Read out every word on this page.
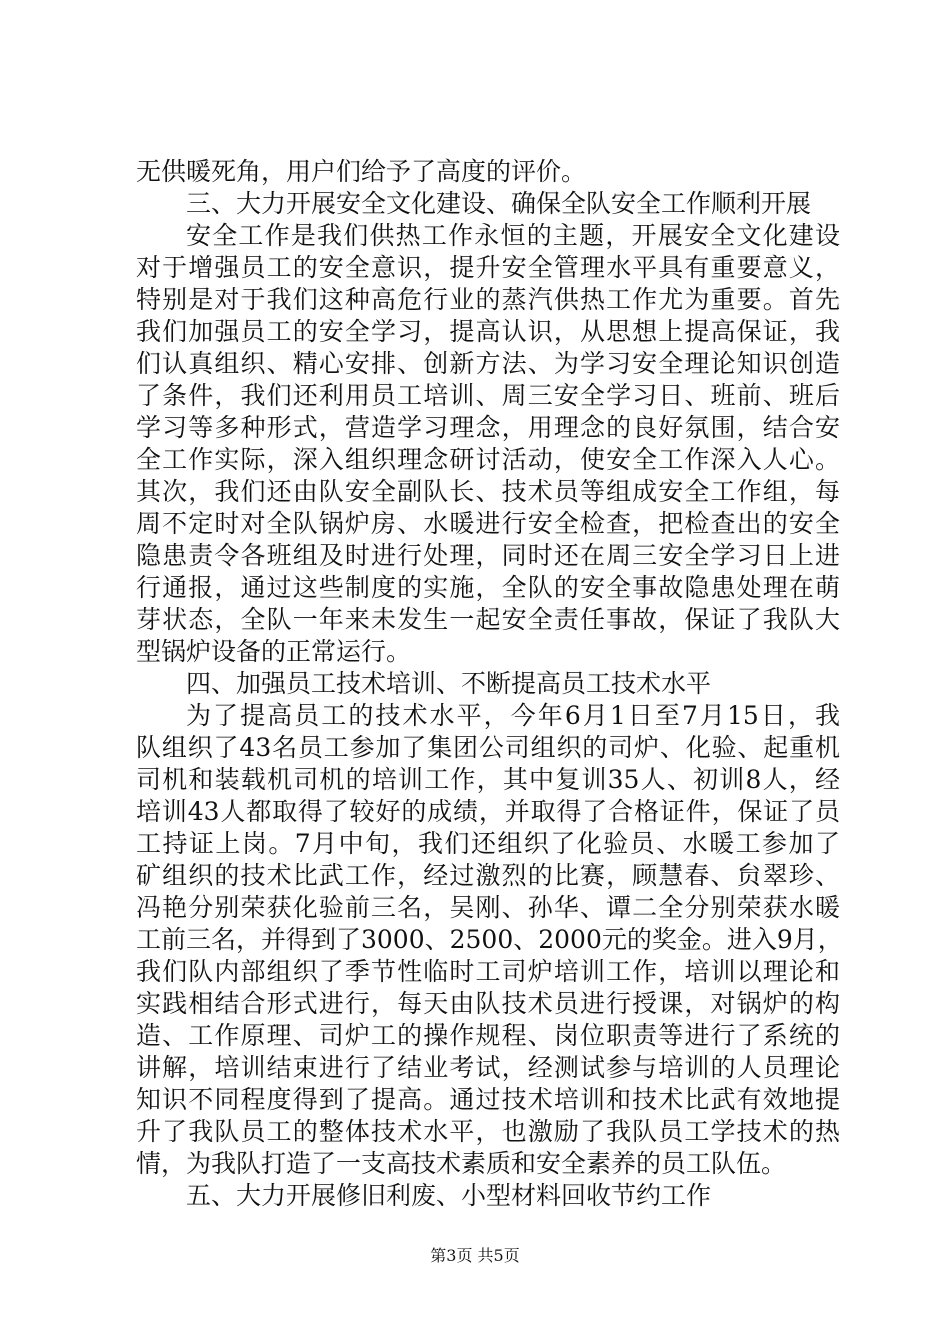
无供暖死角，用户们给予了高度的评价。
三、大力开展安全文化建设、确保全队安全工作顺利开展
安全工作是我们供热工作永恒的主题，开展安全文化建设
对于增强员工的安全意识，提升安全管理水平具有重要意义，
特别是对于我们这种高危行业的蒸汽供热工作尤为重要。首先
我们加强员工的安全学习，提高认识，从思想上提高保证，我
们认真组织、精心安排、创新方法、为学习安全理论知识创造
了条件，我们还利用员工培训、周三安全学习日、班前、班后
学习等多种形式，营造学习理念，用理念的良好氛围，结合安
全工作实际，深入组织理念研讨活动，使安全工作深入人心。
其次，我们还由队安全副队长、技术员等组成安全工作组，每
周不定时对全队锅炉房、水暖进行安全检查，把检查出的安全
隐患责令各班组及时进行处理，同时还在周三安全学习日上进
行通报，通过这些制度的实施，全队的安全事故隐患处理在萌
芽状态，全队一年来未发生一起安全责任事故，保证了我队大
型锅炉设备的正常运行。
四、加强员工技术培训、不断提高员工技术水平
为了提高员工的技术水平，今年6月1日至7月15日，我
队组织了43名员工参加了集团公司组织的司炉、化验、起重机
司机和装载机司机的培训工作，其中复训35人、初训8人，经
培训43人都取得了较好的成绩，并取得了合格证件，保证了员
工持证上岗。7月中旬，我们还组织了化验员、水暖工参加了
矿组织的技术比武工作，经过激烈的比赛，顾慧春、贠翠珍、
冯艳分别荣获化验前三名，吴刚、孙华、谭二全分别荣获水暖
工前三名，并得到了3000、2500、2000元的奖金。进入9月，
我们队内部组织了季节性临时工司炉培训工作，培训以理论和
实践相结合形式进行，每天由队技术员进行授课，对锅炉的构
造、工作原理、司炉工的操作规程、岗位职责等进行了系统的
讲解，培训结束进行了结业考试，经测试参与培训的人员理论
知识不同程度得到了提高。通过技术培训和技术比武有效地提
升了我队员工的整体技术水平，也激励了我队员工学技术的热
情，为我队打造了一支高技术素质和安全素养的员工队伍。
五、大力开展修旧利废、小型材料回收节约工作
第3页 共5页
